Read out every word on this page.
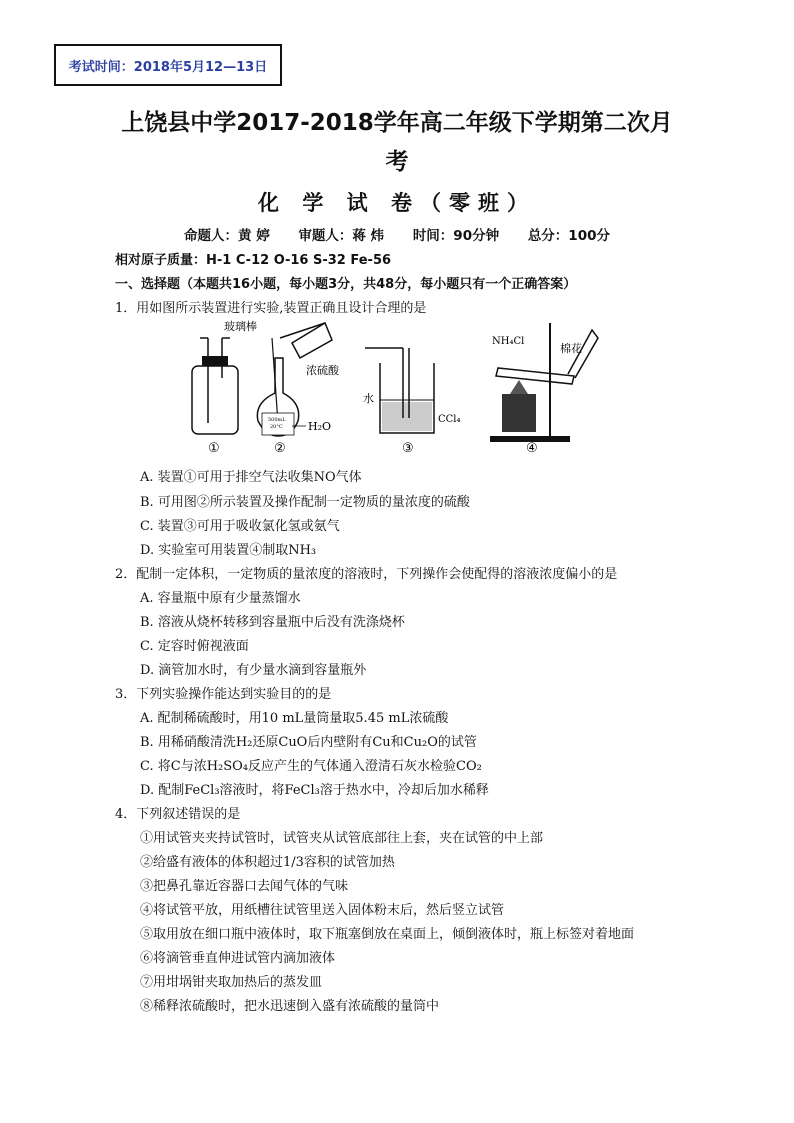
考试时间：2018年5月12—13日
上饶县中学2017-2018学年高二年级下学期第二次月
考
化 学 试 卷（零班）
命题人：黄 婷 审题人：蒋 炜 时间：90分钟 总分：100分
相对原子质量：H-1 C-12 O-16 S-32 Fe-56
一、选择题（本题共16小题，每小题3分，共48分，每小题只有一个正确答案）
1．用如图所示装置进行实验,装置正确且设计合理的是
①
玻璃棒
500mL
20°C
浓硫酸
H₂O
②
水
CCl₄
③
NH₄Cl
棉花
④
A. 装置①可用于排空气法收集NO气体
B. 可用图②所示装置及操作配制一定物质的量浓度的硫酸
C. 装置③可用于吸收氯化氢或氨气
D. 实验室可用装置④制取NH₃
2．配制一定体积，一定物质的量浓度的溶液时，下列操作会使配得的溶液浓度偏小的是
A. 容量瓶中原有少量蒸馏水
B. 溶液从烧杯转移到容量瓶中后没有洗涤烧杯
C. 定容时俯视液面
D. 滴管加水时，有少量水滴到容量瓶外
3．下列实验操作能达到实验目的的是
A. 配制稀硫酸时，用10 mL量筒量取5.45 mL浓硫酸
B. 用稀硝酸清洗H₂还原CuO后内壁附有Cu和Cu₂O的试管
C. 将C与浓H₂SO₄反应产生的气体通入澄清石灰水检验CO₂
D. 配制FeCl₃溶液时，将FeCl₃溶于热水中，冷却后加水稀释
4．下列叙述错误的是
①用试管夹夹持试管时，试管夹从试管底部往上套，夹在试管的中上部
②给盛有液体的体积超过1/3容积的试管加热
③把鼻孔靠近容器口去闻气体的气味
④将试管平放，用纸槽往试管里送入固体粉末后，然后竖立试管
⑤取用放在细口瓶中液体时，取下瓶塞倒放在桌面上，倾倒液体时，瓶上标签对着地面
⑥将滴管垂直伸进试管内滴加液体
⑦用坩埚钳夹取加热后的蒸发皿
⑧稀释浓硫酸时，把水迅速倒入盛有浓硫酸的量筒中
